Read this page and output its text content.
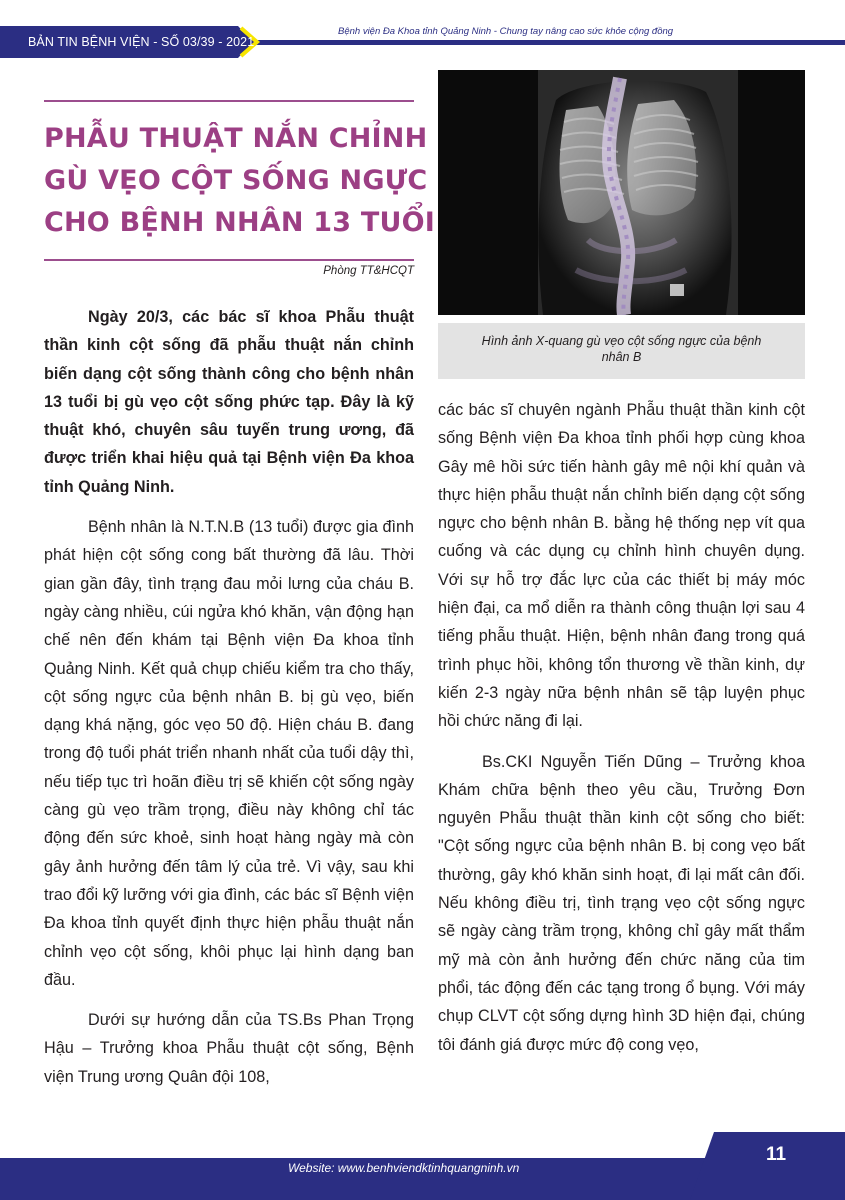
BẢN TIN BỆNH VIỆN - SỐ 03/39 - 2021
Bệnh viện Đa Khoa tỉnh Quảng Ninh - Chung tay nâng cao sức khỏe cộng đồng
PHẪU THUẬT NẮN CHỈNH
GÙ VẸO CỘT SỐNG NGỰC
CHO BỆNH NHÂN 13 TUỔI
Phòng TT&HCQT

Ngày 20/3, các bác sĩ khoa Phẫu thuật thần kinh cột sống đã phẫu thuật nắn chỉnh biến dạng cột sống thành công cho bệnh nhân 13 tuổi bị gù vẹo cột sống phức tạp. Đây là kỹ thuật khó, chuyên sâu tuyến trung ương, đã được triển khai hiệu quả tại Bệnh viện Đa khoa tỉnh Quảng Ninh.

Bệnh nhân là N.T.N.B (13 tuổi) được gia đình phát hiện cột sống cong bất thường đã lâu. Thời gian gần đây, tình trạng đau mỏi lưng của cháu B. ngày càng nhiều, cúi ngửa khó khăn, vận động hạn chế nên đến khám tại Bệnh viện Đa khoa tỉnh Quảng Ninh. Kết quả chụp chiếu kiểm tra cho thấy, cột sống ngực của bệnh nhân B. bị gù vẹo, biến dạng khá nặng, góc vẹo 50 độ. Hiện cháu B. đang trong độ tuổi phát triển nhanh nhất của tuổi dậy thì, nếu tiếp tục trì hoãn điều trị sẽ khiến cột sống ngày càng gù vẹo trầm trọng, điều này không chỉ tác động đến sức khoẻ, sinh hoạt hàng ngày mà còn gây ảnh hưởng đến tâm lý của trẻ. Vì vậy, sau khi trao đổi kỹ lưỡng với gia đình, các bác sĩ Bệnh viện Đa khoa tỉnh quyết định thực hiện phẫu thuật nắn chỉnh vẹo cột sống, khôi phục lại hình dạng ban đầu.

Dưới sự hướng dẫn của TS.Bs Phan Trọng Hậu – Trưởng khoa Phẫu thuật cột sống, Bệnh viện Trung ương Quân đội 108,

Hình ảnh X-quang gù vẹo cột sống ngực của bệnh nhân B

các bác sĩ chuyên ngành Phẫu thuật thần kinh cột sống Bệnh viện Đa khoa tỉnh phối hợp cùng khoa Gây mê hồi sức tiến hành gây mê nội khí quản và thực hiện phẫu thuật nắn chỉnh biến dạng cột sống ngực cho bệnh nhân B. bằng hệ thống nẹp vít qua cuống và các dụng cụ chỉnh hình chuyên dụng. Với sự hỗ trợ đắc lực của các thiết bị máy móc hiện đại, ca mổ diễn ra thành công thuận lợi sau 4 tiếng phẫu thuật. Hiện, bệnh nhân đang trong quá trình phục hồi, không tổn thương về thần kinh, dự kiến 2-3 ngày nữa bệnh nhân sẽ tập luyện phục hồi chức năng đi lại.

Bs.CKI Nguyễn Tiến Dũng – Trưởng khoa Khám chữa bệnh theo yêu cầu, Trưởng Đơn nguyên Phẫu thuật thần kinh cột sống cho biết: "Cột sống ngực của bệnh nhân B. bị cong vẹo bất thường, gây khó khăn sinh hoạt, đi lại mất cân đối. Nếu không điều trị, tình trạng vẹo cột sống ngực sẽ ngày càng trầm trọng, không chỉ gây mất thẩm mỹ mà còn ảnh hưởng đến chức năng của tim phổi, tác động đến các tạng trong ổ bụng. Với máy chụp CLVT cột sống dựng hình 3D hiện đại, chúng tôi đánh giá được mức độ cong vẹo,

Website: www.benhviendktinhquangninh.vn
11
